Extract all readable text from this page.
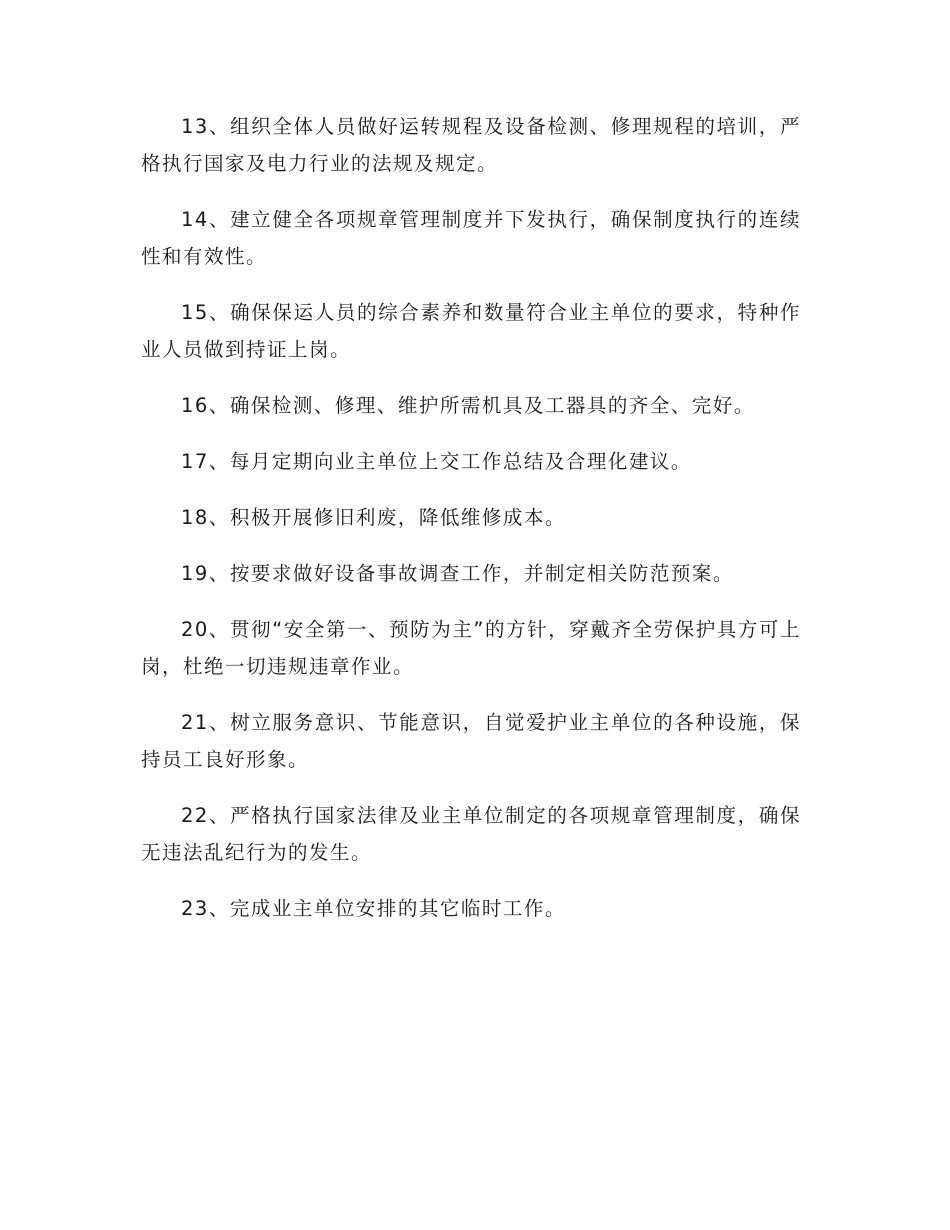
13、组织全体人员做好运转规程及设备检测、修理规程的培训，严格执行国家及电力行业的法规及规定。

14、建立健全各项规章管理制度并下发执行，确保制度执行的连续性和有效性。

15、确保保运人员的综合素养和数量符合业主单位的要求，特种作业人员做到持证上岗。

16、确保检测、修理、维护所需机具及工器具的齐全、完好。

17、每月定期向业主单位上交工作总结及合理化建议。

18、积极开展修旧利废，降低维修成本。

19、按要求做好设备事故调查工作，并制定相关防范预案。

20、贯彻“安全第一、预防为主”的方针，穿戴齐全劳保护具方可上岗，杜绝一切违规违章作业。

21、树立服务意识、节能意识，自觉爱护业主单位的各种设施，保持员工良好形象。

22、严格执行国家法律及业主单位制定的各项规章管理制度，确保无违法乱纪行为的发生。

23、完成业主单位安排的其它临时工作。
